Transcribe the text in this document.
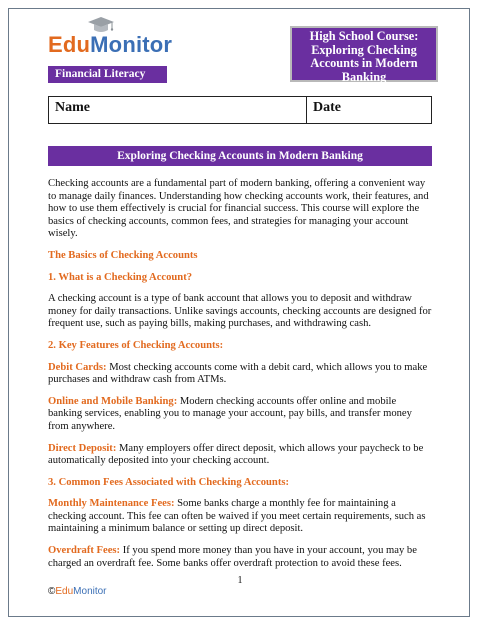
EduMonitor
Financial Literacy
High School Course: Exploring Checking Accounts in Modern Banking
Name	Date
Exploring Checking Accounts in Modern Banking

Checking accounts are a fundamental part of modern banking, offering a convenient way to manage daily finances. Understanding how checking accounts work, their features, and how to use them effectively is crucial for financial success. This course will explore the basics of checking accounts, common fees, and strategies for managing your account wisely.

The Basics of Checking Accounts

1. What is a Checking Account?

A checking account is a type of bank account that allows you to deposit and withdraw money for daily transactions. Unlike savings accounts, checking accounts are designed for frequent use, such as paying bills, making purchases, and withdrawing cash.

2. Key Features of Checking Accounts:

Debit Cards: Most checking accounts come with a debit card, which allows you to make purchases and withdraw cash from ATMs.

Online and Mobile Banking: Modern checking accounts offer online and mobile banking services, enabling you to manage your account, pay bills, and transfer money from anywhere.

Direct Deposit: Many employers offer direct deposit, which allows your paycheck to be automatically deposited into your checking account.

3. Common Fees Associated with Checking Accounts:

Monthly Maintenance Fees: Some banks charge a monthly fee for maintaining a checking account. This fee can often be waived if you meet certain requirements, such as maintaining a minimum balance or setting up direct deposit.

Overdraft Fees: If you spend more money than you have in your account, you may be charged an overdraft fee. Some banks offer overdraft protection to avoid these fees.

1
©EduMonitor
